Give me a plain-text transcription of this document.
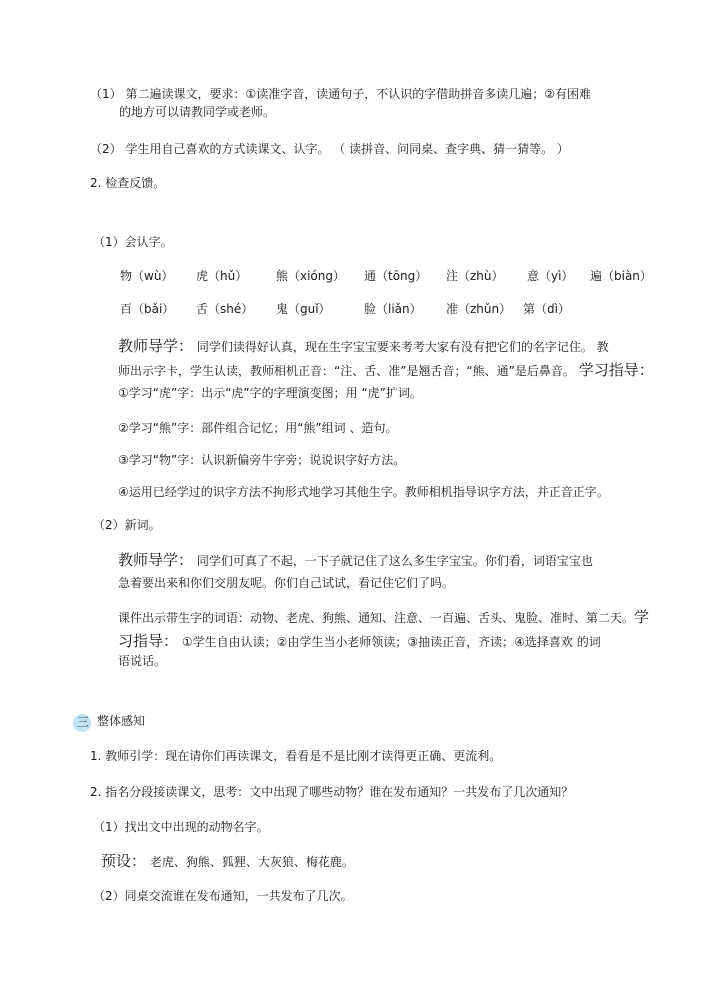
（1） 第二遍读课文，要求：①读准字音，读通句子，不认识的字借助拼音多读几遍；②有困难
的地方可以请教同学或老师。
（2） 学生用自己喜欢的方式读课文、认字。 （ 读拼音、问同桌、查字典、猜一猜等。 ）
2. 检查反馈。
（1）会认字。
物（wù） 虎（hǔ） 熊（xióng） 通（tōng） 注（zhù） 意（yì） 遍（biàn）
百（bǎi） 舌（shé） 鬼（guǐ）	脸（liǎn） 准（zhǔn） 第（dì）
教师导学： 同学们读得好认真，现在生字宝宝要来考考大家有没有把它们的名字记住。 教
师出示字卡，学生认读，教师相机正音：“注、舌、准”是翘舌音；“熊、通”是后鼻音。 学习指导：
①学习“虎”字：出示“虎”字的字理演变图；用 “虎”扩词。
②学习“熊”字：部件组合记忆；用“熊”组词 、造句。
③学习“物”字：认识新偏旁牛字旁；说说识字好方法。
④运用已经学过的识字方法不拘形式地学习其他生字。教师相机指导识字方法，并正音正字。
（2）新词。
教师导学： 同学们可真了不起，一下子就记住了这么多生字宝宝。你们看，词语宝宝也
急着要出来和你们交朋友呢。你们自己试试，看记住它们了吗。
课件出示带生字的词语：动物、老虎、狗熊、通知、注意、一百遍、舌头、鬼脸、准时、第二天。学
习指导： ①学生自由认读；②由学生当小老师领读；③抽读正音，齐读；④选择喜欢 的词
语说话。
三 整体感知
1. 教师引学：现在请你们再读课文，看看是不是比刚才读得更正确、更流利。
2. 指名分段接读课文，思考：文中出现了哪些动物？谁在发布通知？一共发布了几次通知？
（1）找出文中出现的动物名字。
预设： 老虎、狗熊、狐狸、大灰狼、梅花鹿。
（2）同桌交流谁在发布通知，一共发布了几次。
